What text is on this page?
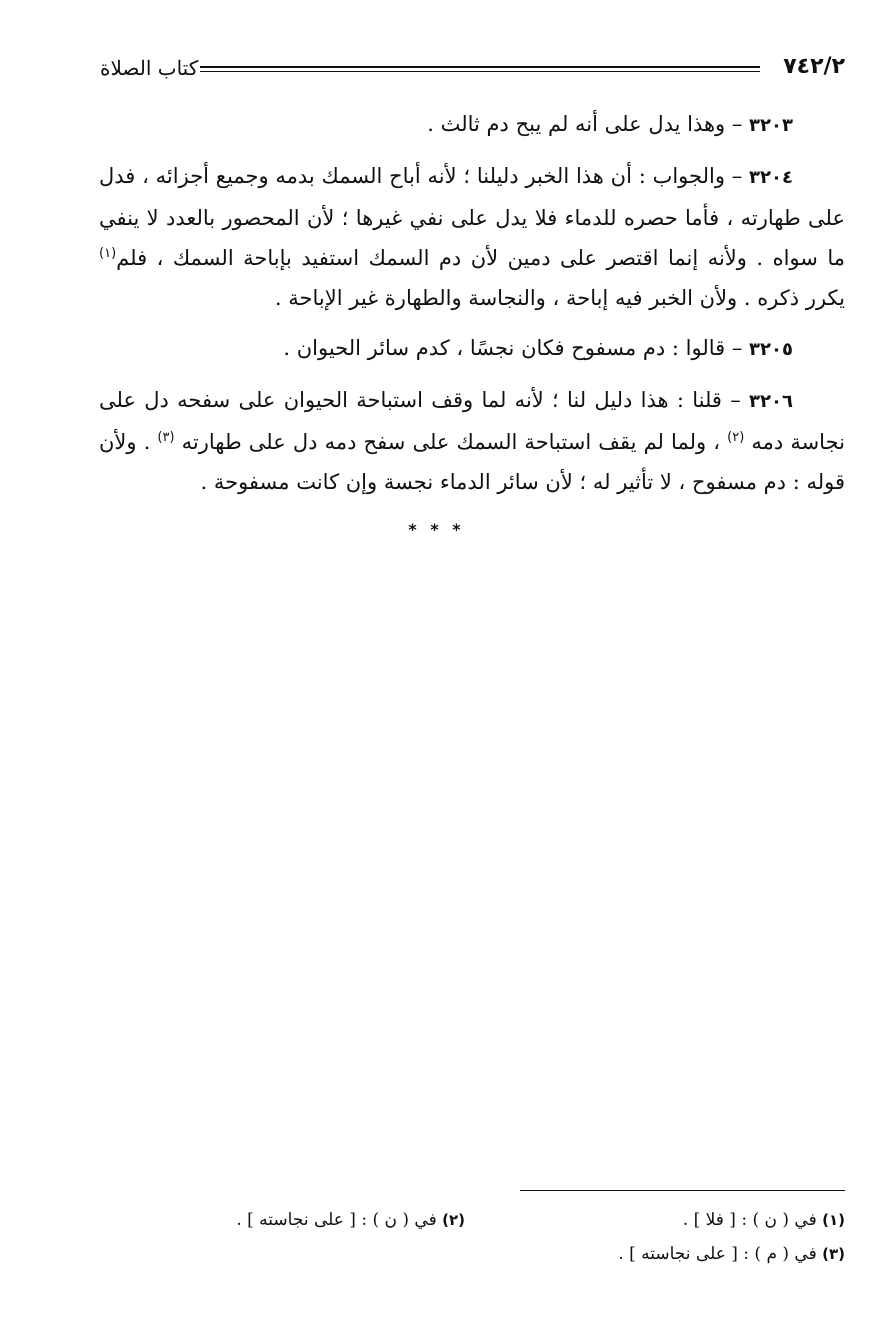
٧٤٢/٢
كتاب الصلاة

٣٢٠٣ – وهذا يدل على أنه لم يبح دم ثالث .

٣٢٠٤ – والجواب : أن هذا الخبر دليلنا ؛ لأنه أباح السمك بدمه وجميع أجزائه ، فدل على طهارته ، فأما حصره للدماء فلا يدل على نفي غيرها ؛ لأن المحصور بالعدد لا ينفي ما سواه . ولأنه إنما اقتصر على دمين لأن دم السمك استفيد بإباحة السمك ، فلم$^{(١)}$ يكرر ذكره . ولأن الخبر فيه إباحة ، والنجاسة والطهارة غير الإباحة .

٣٢٠٥ – قالوا : دم مسفوح فكان نجسًا ، كدم سائر الحيوان .

٣٢٠٦ – قلنا : هذا دليل لنا ؛ لأنه لما وقف استباحة الحيوان على سفحه دل على نجاسة دمه $^{(٢)}$ ، ولما لم يقف استباحة السمك على سفح دمه دل على طهارته $^{(٣)}$ . ولأن قوله : دم مسفوح ، لا تأثير له ؛ لأن سائر الدماء نجسة وإن كانت مسفوحة .

* * *
(١) في ( ن ) : [ فلا ] .
(٢) في ( ن ) : [ على نجاسته ] .
(٣) في ( م ) : [ على نجاسته ] .
